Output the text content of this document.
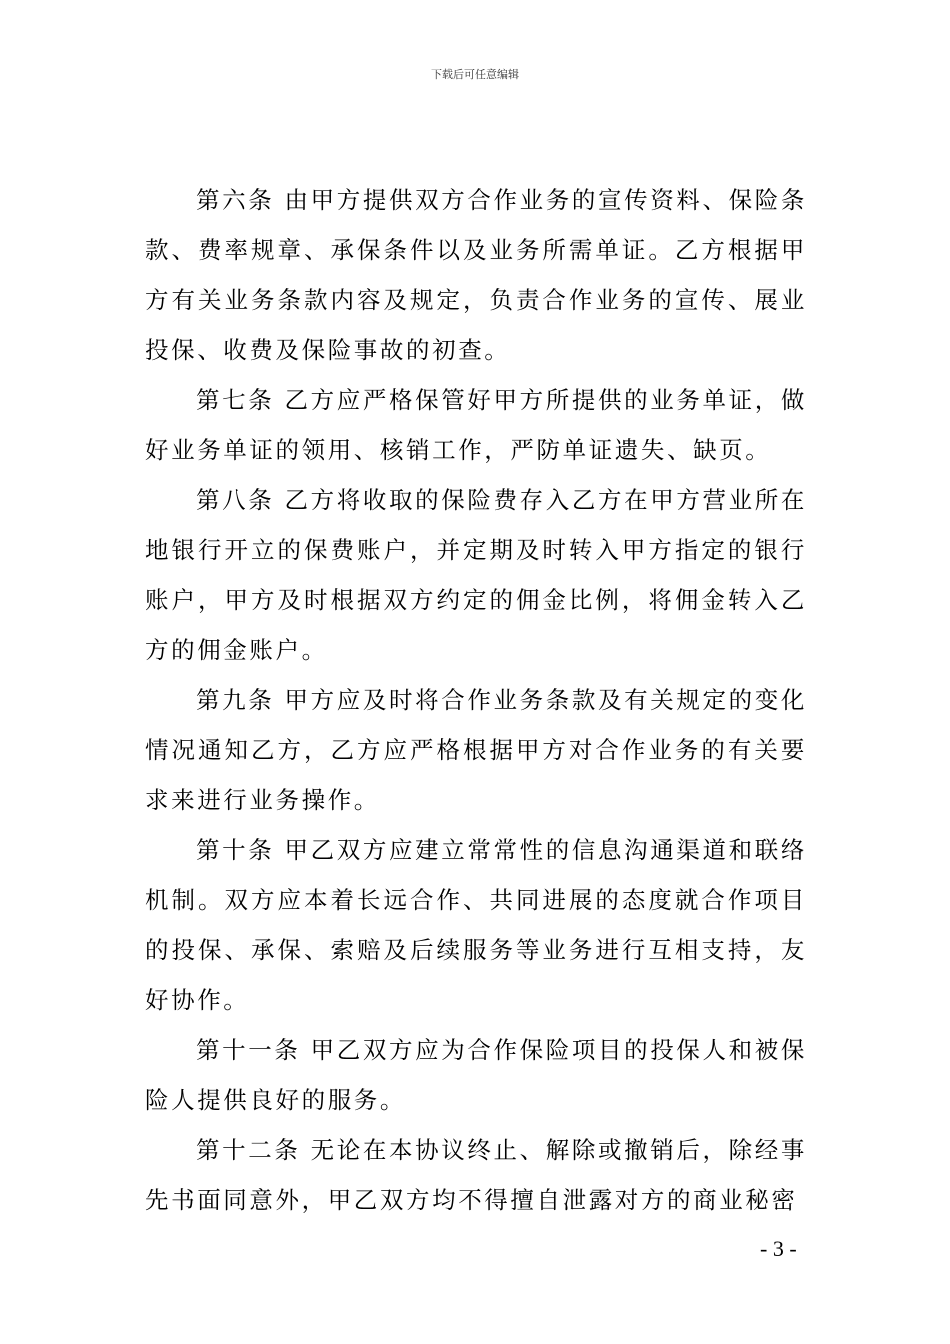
下载后可任意编辑

第六条 由甲方提供双方合作业务的宣传资料、保险条款、费率规章、承保条件以及业务所需单证。乙方根据甲方有关业务条款内容及规定，负责合作业务的宣传、展业投保、收费及保险事故的初查。

第七条 乙方应严格保管好甲方所提供的业务单证，做好业务单证的领用、核销工作，严防单证遗失、缺页。

第八条 乙方将收取的保险费存入乙方在甲方营业所在地银行开立的保费账户，并定期及时转入甲方指定的银行账户，甲方及时根据双方约定的佣金比例，将佣金转入乙方的佣金账户。

第九条 甲方应及时将合作业务条款及有关规定的变化情况通知乙方，乙方应严格根据甲方对合作业务的有关要求来进行业务操作。

第十条 甲乙双方应建立常常性的信息沟通渠道和联络机制。双方应本着长远合作、共同进展的态度就合作项目的投保、承保、索赔及后续服务等业务进行互相支持，友好协作。

第十一条 甲乙双方应为合作保险项目的投保人和被保险人提供良好的服务。

第十二条 无论在本协议终止、解除或撤销后，除经事先书面同意外，甲乙双方均不得擅自泄露对方的商业秘密

- 3 -
